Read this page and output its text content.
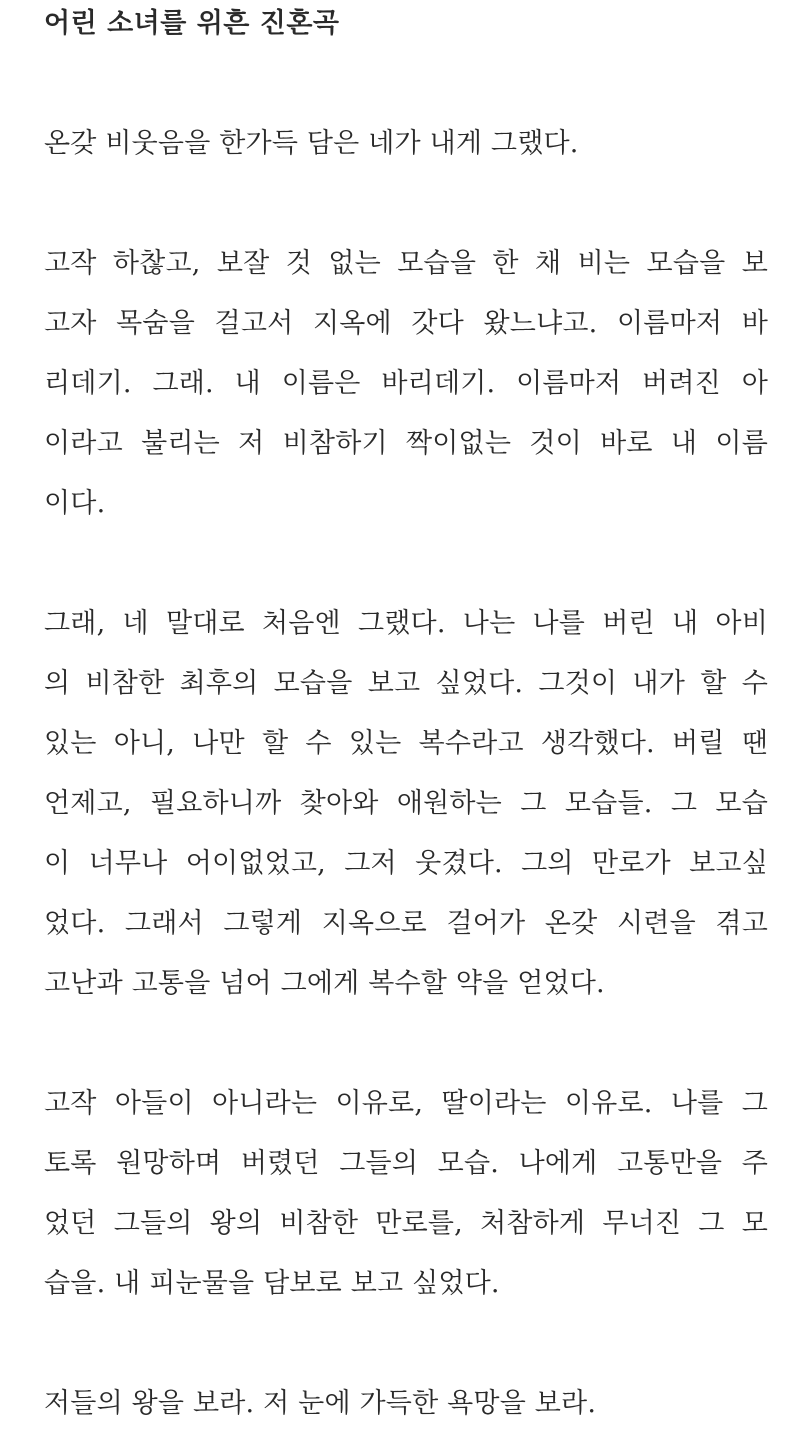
어린 소녀를 위흔 진혼곡

온갖 비웃음을 한가득 담은 네가 내게 그랬다.

고작 하찮고, 보잘 것 없는 모습을 한 채 비는 모습을 보
고자 목숨을 걸고서 지옥에 갓다 왔느냐고. 이름마저 바
리데기. 그래. 내 이름은 바리데기. 이름마저 버려진 아
이라고 불리는 저 비참하기 짝이없는 것이 바로 내 이름
이다.

그래, 네 말대로 처음엔 그랬다. 나는 나를 버린 내 아비
의 비참한 최후의 모습을 보고 싶었다. 그것이 내가 할 수
있는 아니, 나만 할 수 있는 복수라고 생각했다. 버릴 땐
언제고, 필요하니까 찾아와 애원하는 그 모습들. 그 모습
이 너무나 어이없었고, 그저 웃겼다. 그의 만로가 보고싶
었다. 그래서 그렇게 지옥으로 걸어가 온갖 시련을 겪고
고난과 고통을 넘어 그에게 복수할 약을 얻었다.

고작 아들이 아니라는 이유로, 딸이라는 이유로. 나를 그
토록 원망하며 버렸던 그들의 모습. 나에게 고통만을 주
었던 그들의 왕의 비참한 만로를, 처참하게 무너진 그 모
습을. 내 피눈물을 담보로 보고 싶었다.

저들의 왕을 보라. 저 눈에 가득한 욕망을 보라.
